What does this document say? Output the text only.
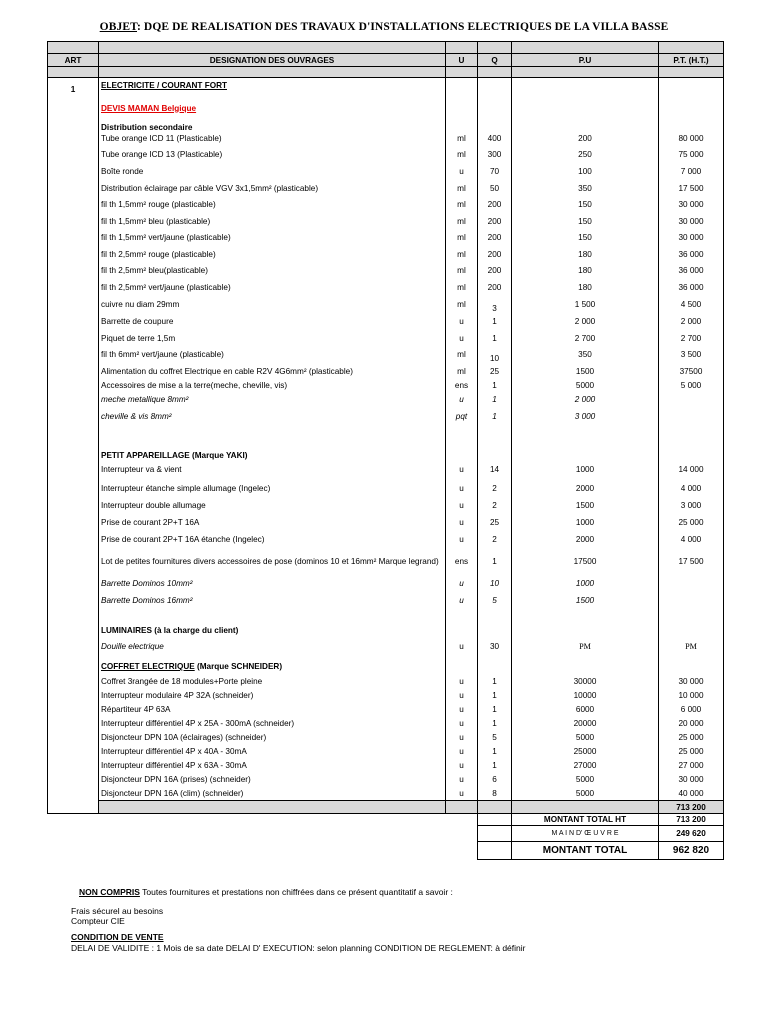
OBJET: DQE DE REALISATION DES TRAVAUX D'INSTALLATIONS ELECTRIQUES DE LA VILLA BASSE

ART	DESIGNATION DES OUVRAGES	U	Q	P.U	P.T. (H.T.)

1	ELECTRICITE / COURANT FORT				
	DEVIS MAMAN Belgique				
	Distribution secondaire				
	Tube orange ICD 11 (Plasticable)	ml	400	200	80 000
	Tube orange ICD 13 (Plasticable)	ml	300	250	75 000
	Boîte ronde	u	70	100	7 000
	Distribution éclairage par câble VGV 3x1,5mm² (plasticable)	ml	50	350	17 500
	fil th 1,5mm² rouge (plasticable)	ml	200	150	30 000
	fil th 1,5mm² bleu (plasticable)	ml	200	150	30 000
	fil th 1,5mm² vert/jaune (plasticable)	ml	200	150	30 000
	fil th 2,5mm² rouge (plasticable)	ml	200	180	36 000
	fil th 2,5mm² bleu(plasticable)	ml	200	180	36 000
	fil th 2,5mm² vert/jaune (plasticable)	ml	200	180	36 000
	cuivre nu diam 29mm	ml	3	1 500	4 500
	Barrette de coupure	u	1	2 000	2 000
	Piquet de terre 1,5m	u	1	2 700	2 700
	fil th 6mm² vert/jaune (plasticable)	ml	10	350	3 500
	Alimentation du coffret Electrique en cable R2V 4G6mm² (plasticable)	ml	25	1500	37500
	Accessoires de mise a la terre(meche, cheville, vis)	ens	1	5000	5 000
	meche metallique 8mm²	u	1	2 000	
	cheville & vis 8mm²	pqt	1	3 000	

	PETIT APPAREILLAGE (Marque YAKI)				
	Interrupteur va & vient	u	14	1000	14 000
	Interrupteur étanche simple allumage (Ingelec)	u	2	2000	4 000
	Interrupteur double allumage	u	2	1500	3 000
	Prise de courant 2P+T 16A	u	25	1000	25 000
	Prise de courant 2P+T 16A étanche (Ingelec)	u	2	2000	4 000
	Lot de petites fournitures divers accessoires de pose (dominos 10 et 16mm² Marque legrand)	ens	1	17500	17 500
	Barrette Dominos 10mm²	u	10	1000	
	Barrette Dominos 16mm²	u	5	1500	

	LUMINAIRES (à la charge du client)				
	Douille electrique	u	30	PM	PM
	COFFRET ELECTRIQUE (Marque SCHNEIDER)				
	Coffret 3rangée de 18 modules+Porte pleine	u	1	30000	30 000
	Interrupteur modulaire 4P 32A (schneider)	u	1	10000	10 000
	Répartiteur 4P 63A	u	1	6000	6 000
	Interrupteur différentiel 4P x 25A - 300mA (schneider)	u	1	20000	20 000
	Disjoncteur DPN 10A (éclairages) (schneider)	u	5	5000	25 000
	Interrupteur différentiel 4P x 40A - 30mA	u	1	25000	25 000
	Interrupteur différentiel 4P x 63A - 30mA	u	1	27000	27 000
	Disjoncteur DPN 16A (prises) (schneider)	u	6	5000	30 000
	Disjoncteur DPN 16A (clim) (schneider)	u	8	5000	40 000
					713 200
				MONTANT TOTAL HT	713 200
				M A I N D' Œ U V R E	249 620
				MONTANT TOTAL	962 820
NON COMPRIS Toutes fournitures et prestations non chiffrées dans ce présent quantitatif a savoir :
Frais sécurel au besoins
Compteur CIE
CONDITION DE VENTE
DELAI DE VALIDITE : 1 Mois de sa date DELAI D' EXECUTION: selon planning CONDITION DE REGLEMENT: à définir
